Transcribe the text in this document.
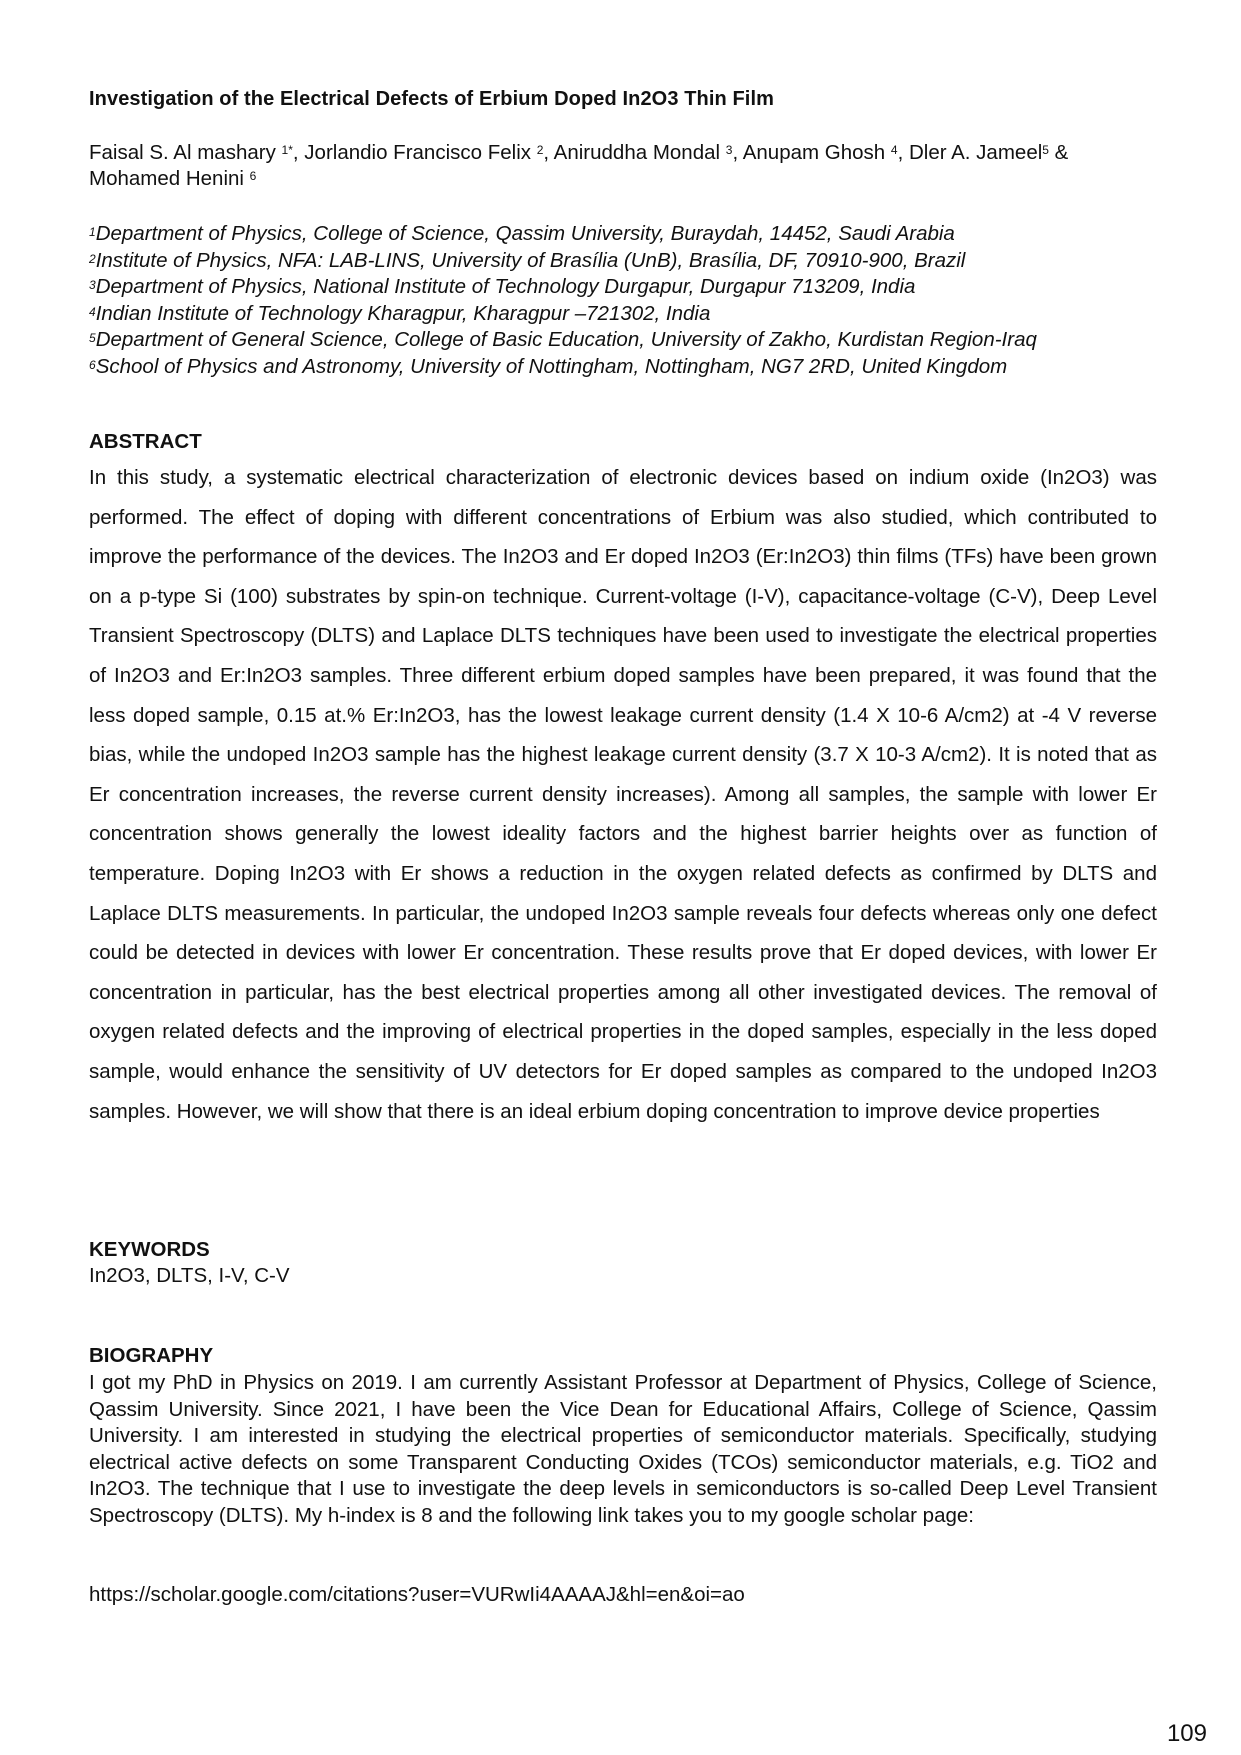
Investigation of the Electrical Defects of Erbium Doped In2O3 Thin Film
Faisal S. Al mashary $^{1*}$, Jorlandio Francisco Felix $^2$, Aniruddha Mondal $^3$, Anupam Ghosh $^4$, Dler A. Jameel$^5$ &
Mohamed Henini $^6$
$^1$Department of Physics, College of Science, Qassim University, Buraydah, 14452, Saudi Arabia
$^2$Institute of Physics, NFA: LAB-LINS, University of Brasília (UnB), Brasília, DF, 70910-900, Brazil
$^3$Department of Physics, National Institute of Technology Durgapur, Durgapur 713209, India
$^4$Indian Institute of Technology Kharagpur, Kharagpur –721302, India
$^5$Department of General Science, College of Basic Education, University of Zakho, Kurdistan Region-Iraq
$^6$School of Physics and Astronomy, University of Nottingham, Nottingham, NG7 2RD, United Kingdom
ABSTRACT
In this study, a systematic electrical characterization of electronic devices based on indium oxide (In2O3) was performed. The effect of doping with different concentrations of Erbium was also studied, which contributed to improve the performance of the devices. The In2O3 and Er doped In2O3 (Er:In2O3) thin films (TFs) have been grown on a p-type Si (100) substrates by spin-on technique. Current-voltage (I-V), capacitance-voltage (C-V), Deep Level Transient Spectroscopy (DLTS) and Laplace DLTS techniques have been used to investigate the electrical properties of In2O3 and Er:In2O3 samples. Three different erbium doped samples have been prepared, it was found that the less doped sample, 0.15 at.% Er:In2O3, has the lowest leakage current density (1.4 X 10-6 A/cm2) at -4 V reverse bias, while the undoped In2O3 sample has the highest leakage current density (3.7 X 10-3 A/cm2). It is noted that as Er concentration increases, the reverse current density increases). Among all samples, the sample with lower Er concentration shows generally the lowest ideality factors and the highest barrier heights over as function of temperature. Doping In2O3 with Er shows a reduction in the oxygen related defects as confirmed by DLTS and Laplace DLTS measurements. In particular, the undoped In2O3 sample reveals four defects whereas only one defect could be detected in devices with lower Er concentration. These results prove that Er doped devices, with lower Er concentration in particular, has the best electrical properties among all other investigated devices. The removal of oxygen related defects and the improving of electrical properties in the doped samples, especially in the less doped sample, would enhance the sensitivity of UV detectors for Er doped samples as compared to the undoped In2O3 samples. However, we will show that there is an ideal erbium doping concentration to improve device properties
KEYWORDS
In2O3, DLTS, I-V, C-V
BIOGRAPHY
I got my PhD in Physics on 2019. I am currently Assistant Professor at Department of Physics, College of Science, Qassim University. Since 2021, I have been the Vice Dean for Educational Affairs, College of Science, Qassim University. I am interested in studying the electrical properties of semiconductor materials. Specifically, studying electrical active defects on some Transparent Conducting Oxides (TCOs) semiconductor materials, e.g. TiO2 and In2O3. The technique that I use to investigate the deep levels in semiconductors is so-called Deep Level Transient Spectroscopy (DLTS). My h-index is 8 and the following link takes you to my google scholar page:
https://scholar.google.com/citations?user=VURwIi4AAAAJ&hl=en&oi=ao
109
